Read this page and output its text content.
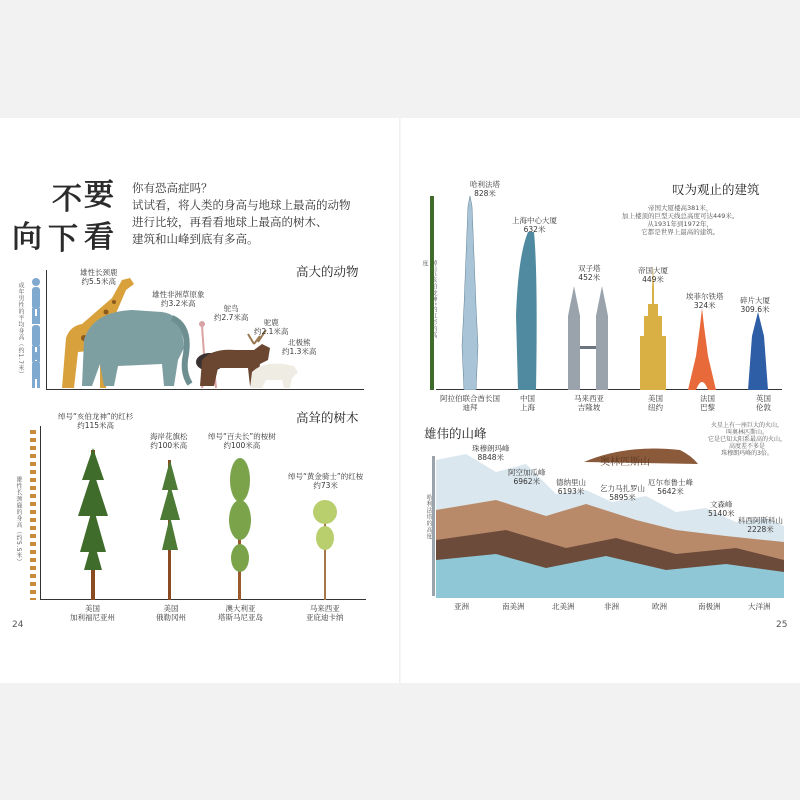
不 要
向 下 看
你有恐高症吗？
试试看，将人类的身高与地球上最高的动物
进行比较，再看看地球上最高的树木、
建筑和山峰到底有多高。
高大的动物
成年男性的平均身高（约1.7米）
雄性长颈鹿
约5.5米高
雄性非洲草原象
约3.2米高
鸵鸟
约2.7米高
驼鹿
约2.1米高
北极熊
约1.3米高
高耸的树木
雄性长颈鹿的身高（约5.5米）
绰号“亥伯龙神”的红杉
约115米高
海岸花旗松
约100米高
绰号“百夫长”的桉树
约100米高
绰号“黄金骑士”的红桉
约73米
美国
加利福尼亚州
美国
俄勒冈州
澳大利亚
塔斯马尼亚岛
马来西亚
亚庇迪卡纳
24
叹为观止的建筑
度
帝国大厦楼高381米，
加上楼顶的巨型天线总高度可达449米。
从1931年到1972年，
它都是世界上最高的建筑。
哈利法塔
828米
上海中心大厦
632米
双子塔
452米
帝国大厦
449米
埃菲尔铁塔
324米
碎片大厦
309.6米
阿拉伯联合酋长国
迪拜
中国
上海
马来西亚
吉隆坡
美国
纽约
法国
巴黎
英国
伦敦
雄伟的山峰
哈利法塔的高度
奥林匹斯山
火星上有一座巨大的火山，
叫奥林匹斯山。
它是已知太阳系最高的火山，
高度差不多是
珠穆朗玛峰的3倍。
珠穆朗玛峰
8848米
阿空加瓜峰
6962米	德纳里山
6193米 乞力马扎罗山
5895米
厄尔布鲁士峰
5642米
文森峰
5140米
科西阿斯科山
2228米
亚洲	南美洲	北美洲	非洲	欧洲	南极洲	大洋洲
25
